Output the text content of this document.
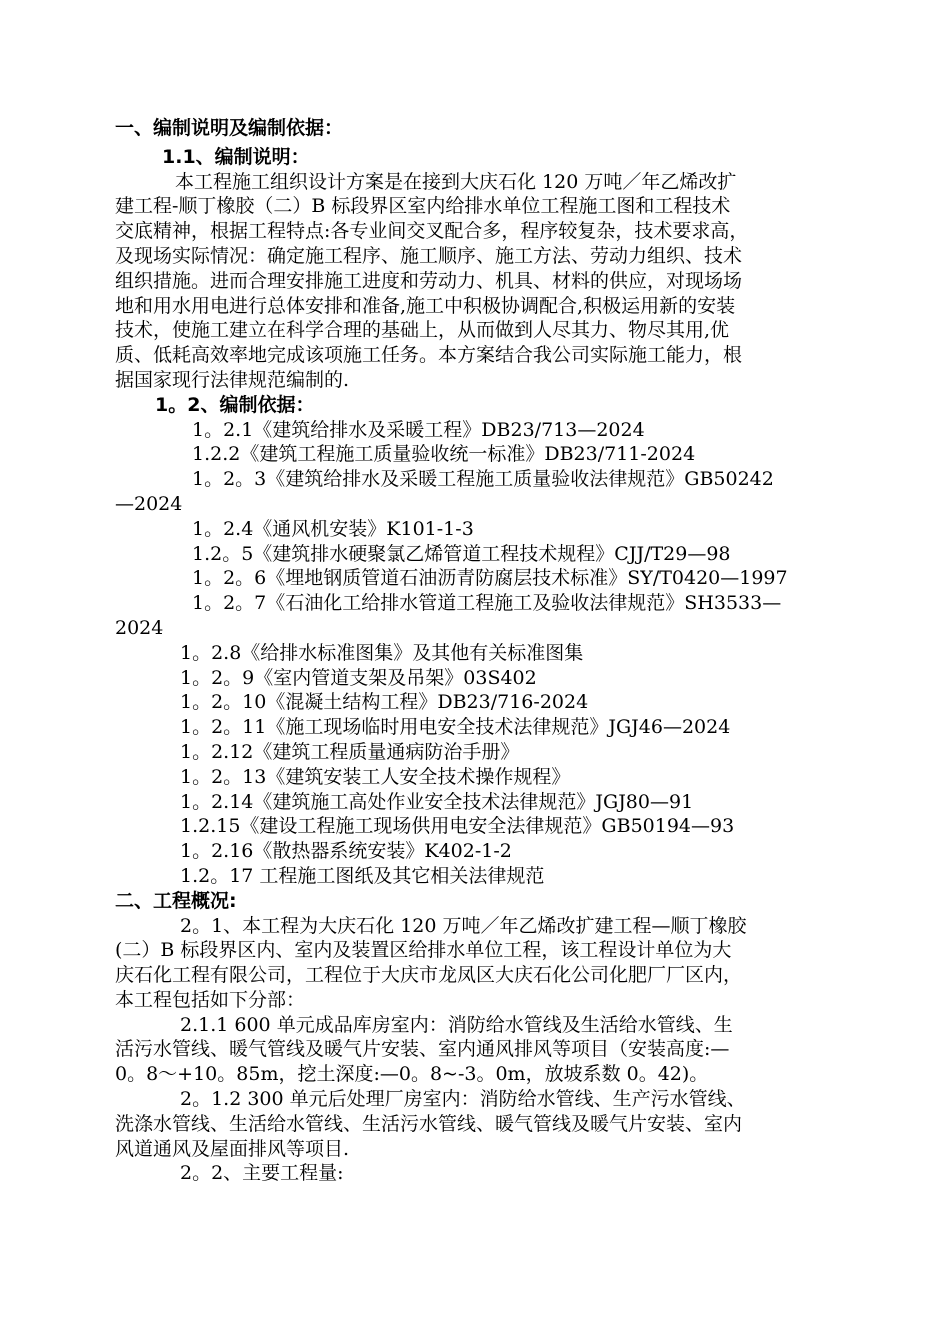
一、编制说明及编制依据：
1.1、编制说明：
本工程施工组织设计方案是在接到大庆石化 120 万吨／年乙烯改扩
建工程-顺丁橡胶（二）B 标段界区室内给排水单位工程施工图和工程技术
交底精神，根据工程特点:各专业间交叉配合多，程序较复杂，技术要求高，
及现场实际情况：确定施工程序、施工顺序、施工方法、劳动力组织、技术
组织措施。进而合理安排施工进度和劳动力、机具、材料的供应，对现场场
地和用水用电进行总体安排和准备,施工中积极协调配合,积极运用新的安装
技术，使施工建立在科学合理的基础上，从而做到人尽其力、物尽其用,优
质、低耗高效率地完成该项施工任务。本方案结合我公司实际施工能力，根
据国家现行法律规范编制的.
1。2、编制依据：
1。2.1《建筑给排水及采暖工程》DB23/713—2024
1.2.2《建筑工程施工质量验收统一标准》DB23/711-2024
1。2。3《建筑给排水及采暖工程施工质量验收法律规范》GB50242
—2024
1。2.4《通风机安装》K101-1-3
1.2。5《建筑排水硬聚氯乙烯管道工程技术规程》CJJ/T29—98
1。2。6《埋地钢质管道石油沥青防腐层技术标准》SY/T0420—1997
1。2。7《石油化工给排水管道工程施工及验收法律规范》SH3533—
2024
1。2.8《给排水标准图集》及其他有关标准图集
1。2。9《室内管道支架及吊架》03S402
1。2。10《混凝土结构工程》DB23/716-2024
1。2。11《施工现场临时用电安全技术法律规范》JGJ46—2024
1。2.12《建筑工程质量通病防治手册》
1。2。13《建筑安装工人安全技术操作规程》
1。2.14《建筑施工高处作业安全技术法律规范》JGJ80—91
1.2.15《建设工程施工现场供用电安全法律规范》GB50194—93
1。2.16《散热器系统安装》K402-1-2
1.2。17 工程施工图纸及其它相关法律规范
二、工程概况:
2。1、本工程为大庆石化 120 万吨／年乙烯改扩建工程—顺丁橡胶
(二）B 标段界区内、室内及装置区给排水单位工程，该工程设计单位为大
庆石化工程有限公司，工程位于大庆市龙凤区大庆石化公司化肥厂厂区内，
本工程包括如下分部：
2.1.1 600 单元成品库房室内：消防给水管线及生活给水管线、生
活污水管线、暖气管线及暖气片安装、室内通风排风等项目（安装高度:—
0。8～+10。85m，挖土深度:—0。8~-3。0m，放坡系数 0。42)。
2。1.2 300 单元后处理厂房室内：消防给水管线、生产污水管线、
洗涤水管线、生活给水管线、生活污水管线、暖气管线及暖气片安装、室内
风道通风及屋面排风等项目.
2。2、主要工程量:
